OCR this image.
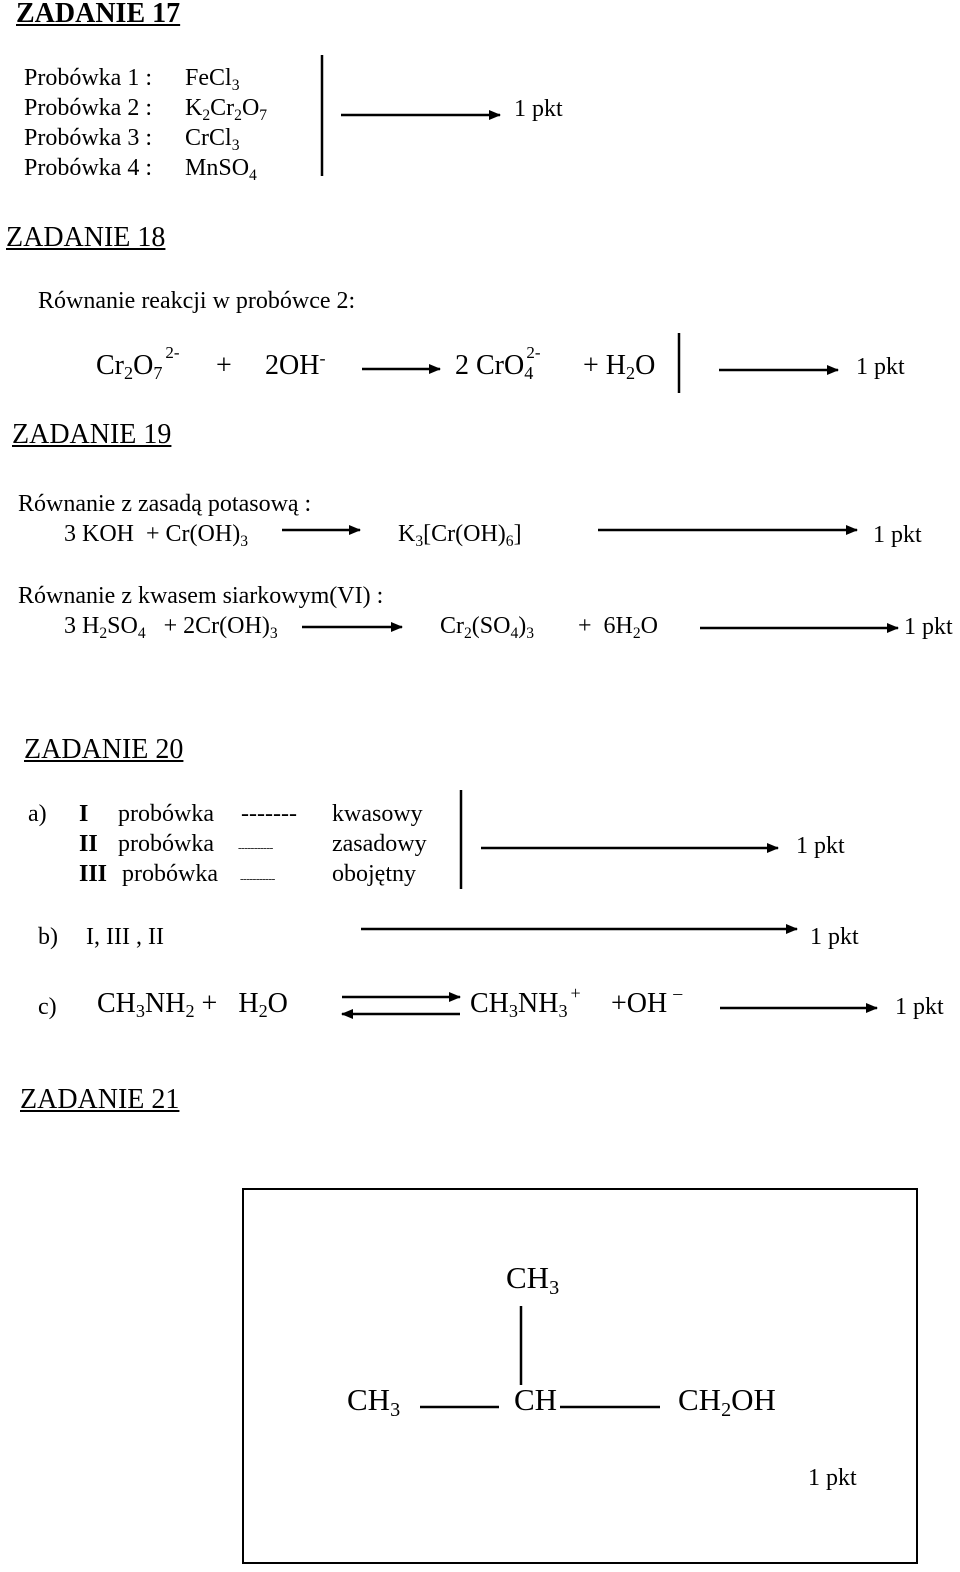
ZADANIE 17
Probówka 1 : FeCl$_3$
Probówka 2 : $K_2Cr_2O_7$
Probówka 3 : CrCl$_3$
Probówka 4 : MnSO$_4$
1 pkt
ZADANIE 18
Równanie reakcji w probówce 2:
$Cr_2O_7^{2-} + 2OH^-$	2 $CrO_4^{2-} + H_2O$	1 pkt
ZADANIE 19
Równanie z zasadą potasową :
3 KOH  + $Cr(OH)_3$	$K_3[Cr(OH)_6]$	1 pkt
Równanie z kwasem siarkowym(VI) :
3 $H_2SO_4 + 2Cr(OH)_3$	$Cr_2(SO_4)_3 + 6H_2O$	1 pkt
ZADANIE 20
a) I probówka ------- kwasowy
II probówka ----------- zasadowy
III probówka ----------- obojętny
1 pkt
b) I, III , II	1 pkt
c) $CH_3NH_2 + H_2O$	$CH_3NH_3^+ +OH$ –
1 pkt
ZADANIE 21
$CH_3$
$CH_3$	CH	$CH_2OH$
1 pkt
